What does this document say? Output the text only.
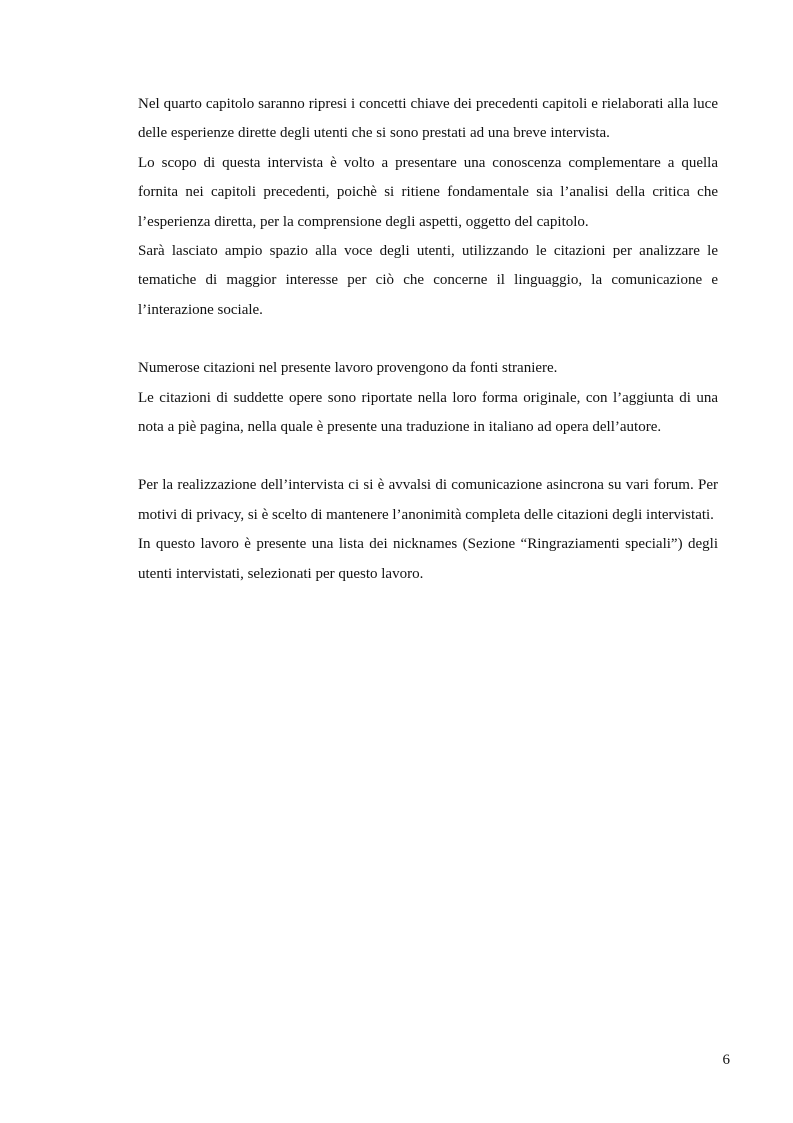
Nel quarto capitolo saranno ripresi i concetti chiave dei precedenti capitoli e rielaborati alla luce delle esperienze dirette degli utenti che si sono prestati ad una breve intervista.

Lo scopo di questa intervista è volto a presentare una conoscenza complementare a quella fornita nei capitoli precedenti, poichè si ritiene fondamentale sia l’analisi della critica che l’esperienza diretta, per la comprensione degli aspetti, oggetto del capitolo.

Sarà lasciato ampio spazio alla voce degli utenti, utilizzando le citazioni per analizzare le tematiche di maggior interesse per ciò che concerne il linguaggio, la comunicazione e l’interazione sociale.

Numerose citazioni nel presente lavoro provengono da fonti straniere.

Le citazioni di suddette opere sono riportate nella loro forma originale, con l’aggiunta di una nota a piè pagina, nella quale è presente una traduzione in italiano ad opera dell’autore.

Per la realizzazione dell’intervista ci si è avvalsi di comunicazione asincrona su vari forum. Per motivi di privacy, si è scelto di mantenere l’anonimità completa delle citazioni degli intervistati.

In questo lavoro è presente una lista dei nicknames (Sezione “Ringraziamenti speciali”) degli utenti intervistati, selezionati per questo lavoro.

6
